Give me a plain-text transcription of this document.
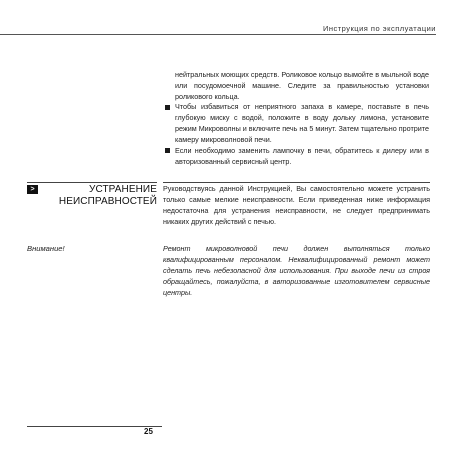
Инструкция по эксплуатации
нейтральных моющих средств. Роликовое кольцо вымойте в мыльной воде или посудомоечной машине. Следите за правильностью установки роликового кольца.
Чтобы избавиться от неприятного запаха в камере, поставьте в печь глубокую миску с водой, положите в воду дольку лимона, установите режим Микроволны и включите печь на 5 минут. Затем тщательно протрите камеру микроволновой печи.
Если необходимо заменить лампочку в печи, обратитесь к дилеру или в авторизованный сервисный центр.
>	УСТРАНЕНИЕ
НЕИСПРАВНОСТЕЙ
Руководствуясь данной Инструкцией, Вы самостоятельно можете устранить только самые мелкие неисправности. Если приведенная ниже информация недостаточна для устранения неисправности, не следует предпринимать никаких других действий с печью.
Внимание!	Ремонт микроволновой печи должен выполняться только квалифицированным персоналом. Неквалифицированный ремонт может сделать печь небезопасной для использования. При выходе печи из строя обращайтесь, пожалуйста, в авторизованные изготовителем сервисные центры.
25
